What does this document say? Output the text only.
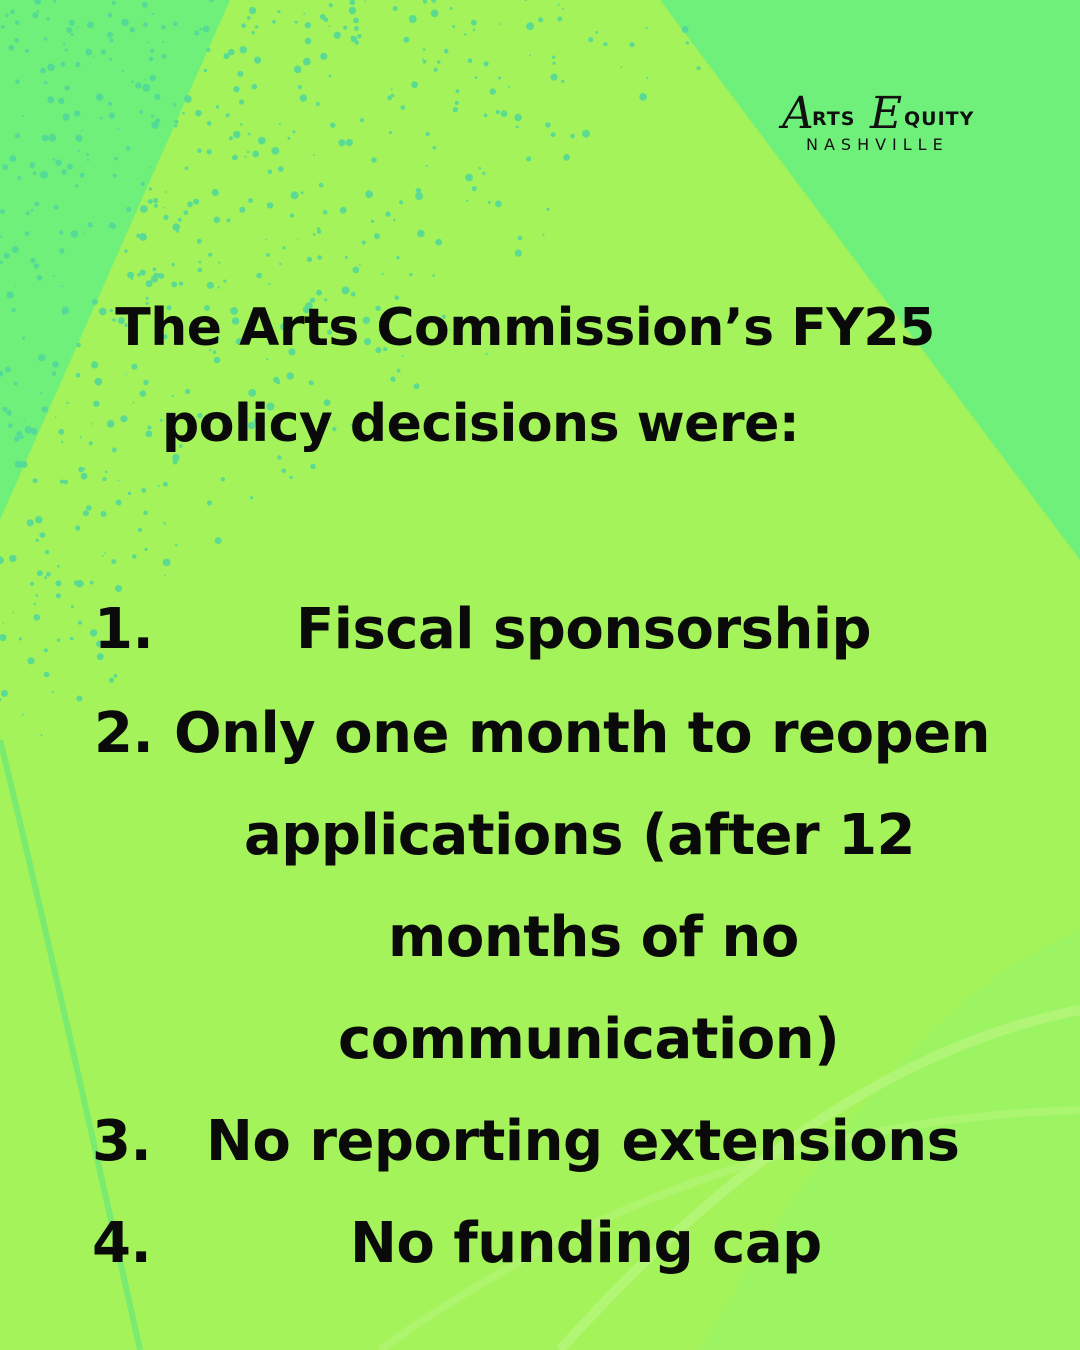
A
RTS E QUITY
NASHVILLE
The Arts Commission’s FY25
policy decisions were:
1.	Fiscal sponsorship
2. Only one month to reopen
applications (after 12
months of no
communication)
3. No reporting extensions
4.	No funding cap
